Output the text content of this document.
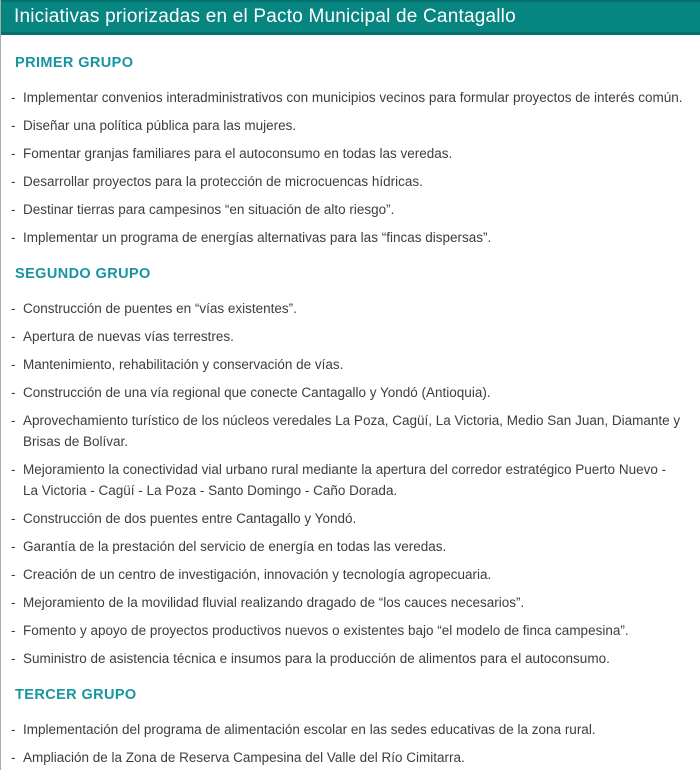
Iniciativas priorizadas en el Pacto Municipal de Cantagallo
PRIMER GRUPO
- Implementar convenios interadministrativos con municipios vecinos para formular proyectos de interés común.
- Diseñar una política pública para las mujeres.
- Fomentar granjas familiares para el autoconsumo en todas las veredas.
- Desarrollar proyectos para la protección de microcuencas hídricas.
- Destinar tierras para campesinos “en situación de alto riesgo”.
- Implementar un programa de energías alternativas para las “fincas dispersas”.
SEGUNDO GRUPO
- Construcción de puentes en “vías existentes”.
- Apertura de nuevas vías terrestres.
- Mantenimiento, rehabilitación y conservación de vías.
- Construcción de una vía regional que conecte Cantagallo y Yondó (Antioquia).
- Aprovechamiento turístico de los núcleos veredales La Poza, Cagüí, La Victoria, Medio San Juan, Diamante y Brisas de Bolívar.
- Mejoramiento la conectividad vial urbano rural mediante la apertura del corredor estratégico Puerto Nuevo - La Victoria - Cagüí - La Poza - Santo Domingo - Caño Dorada.
- Construcción de dos puentes entre Cantagallo y Yondó.
- Garantía de la prestación del servicio de energía en todas las veredas.
- Creación de un centro de investigación, innovación y tecnología agropecuaria.
- Mejoramiento de la movilidad fluvial realizando dragado de “los cauces necesarios”.
- Fomento y apoyo de proyectos productivos nuevos o existentes bajo “el modelo de finca campesina”.
- Suministro de asistencia técnica e insumos para la producción de alimentos para el autoconsumo.
TERCER GRUPO
- Implementación del programa de alimentación escolar en las sedes educativas de la zona rural.
- Ampliación de la Zona de Reserva Campesina del Valle del Río Cimitarra.
